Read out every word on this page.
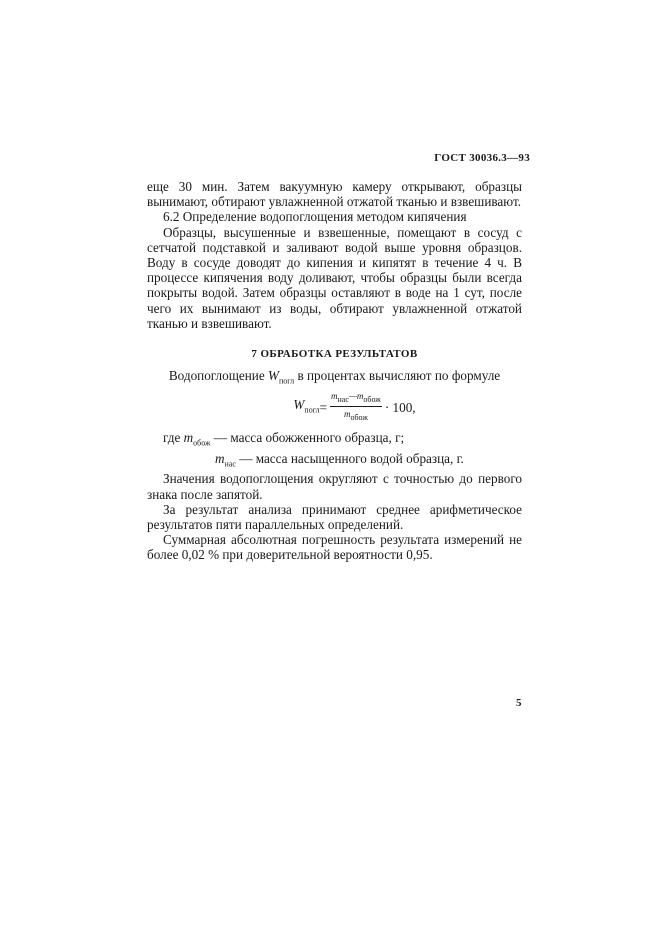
ГОСТ 30036.3—93

еще 30 мин. Затем вакуумную камеру открывают, образцы вынимают, обтирают увлажненной отжатой тканью и взвешивают.

6.2 Определение водопоглощения методом кипячения

Образцы, высушенные и взвешенные, помещают в сосуд с сетчатой подставкой и заливают водой выше уровня образцов. Воду в сосуде доводят до кипения и кипятят в течение 4 ч. В процессе кипячения воду доливают, чтобы образцы были всегда покрыты водой. Затем образцы оставляют в воде на 1 сут, после чего их вынимают из воды, обтирают увлажненной отжатой тканью и взвешивают.

7 ОБРАБОТКА РЕЗУЛЬТАТОВ

Водопоглощение $W_{погл}$ в процентах вычисляют по формуле

$W_{погл} = \frac{m_{нас}—m_{обож}}{m_{обож}} \cdot 100$,

где $m_{обож}$ — масса обожженного образца, г;

$m_{нас}$ — масса насыщенного водой образца, г.

Значения водопоглощения округляют с точностью до первого знака после запятой.

За результат анализа принимают среднее арифметическое результатов пяти параллельных определений.

Суммарная абсолютная погрешность результата измерений не более 0,02 % при доверительной вероятности 0,95.

5
